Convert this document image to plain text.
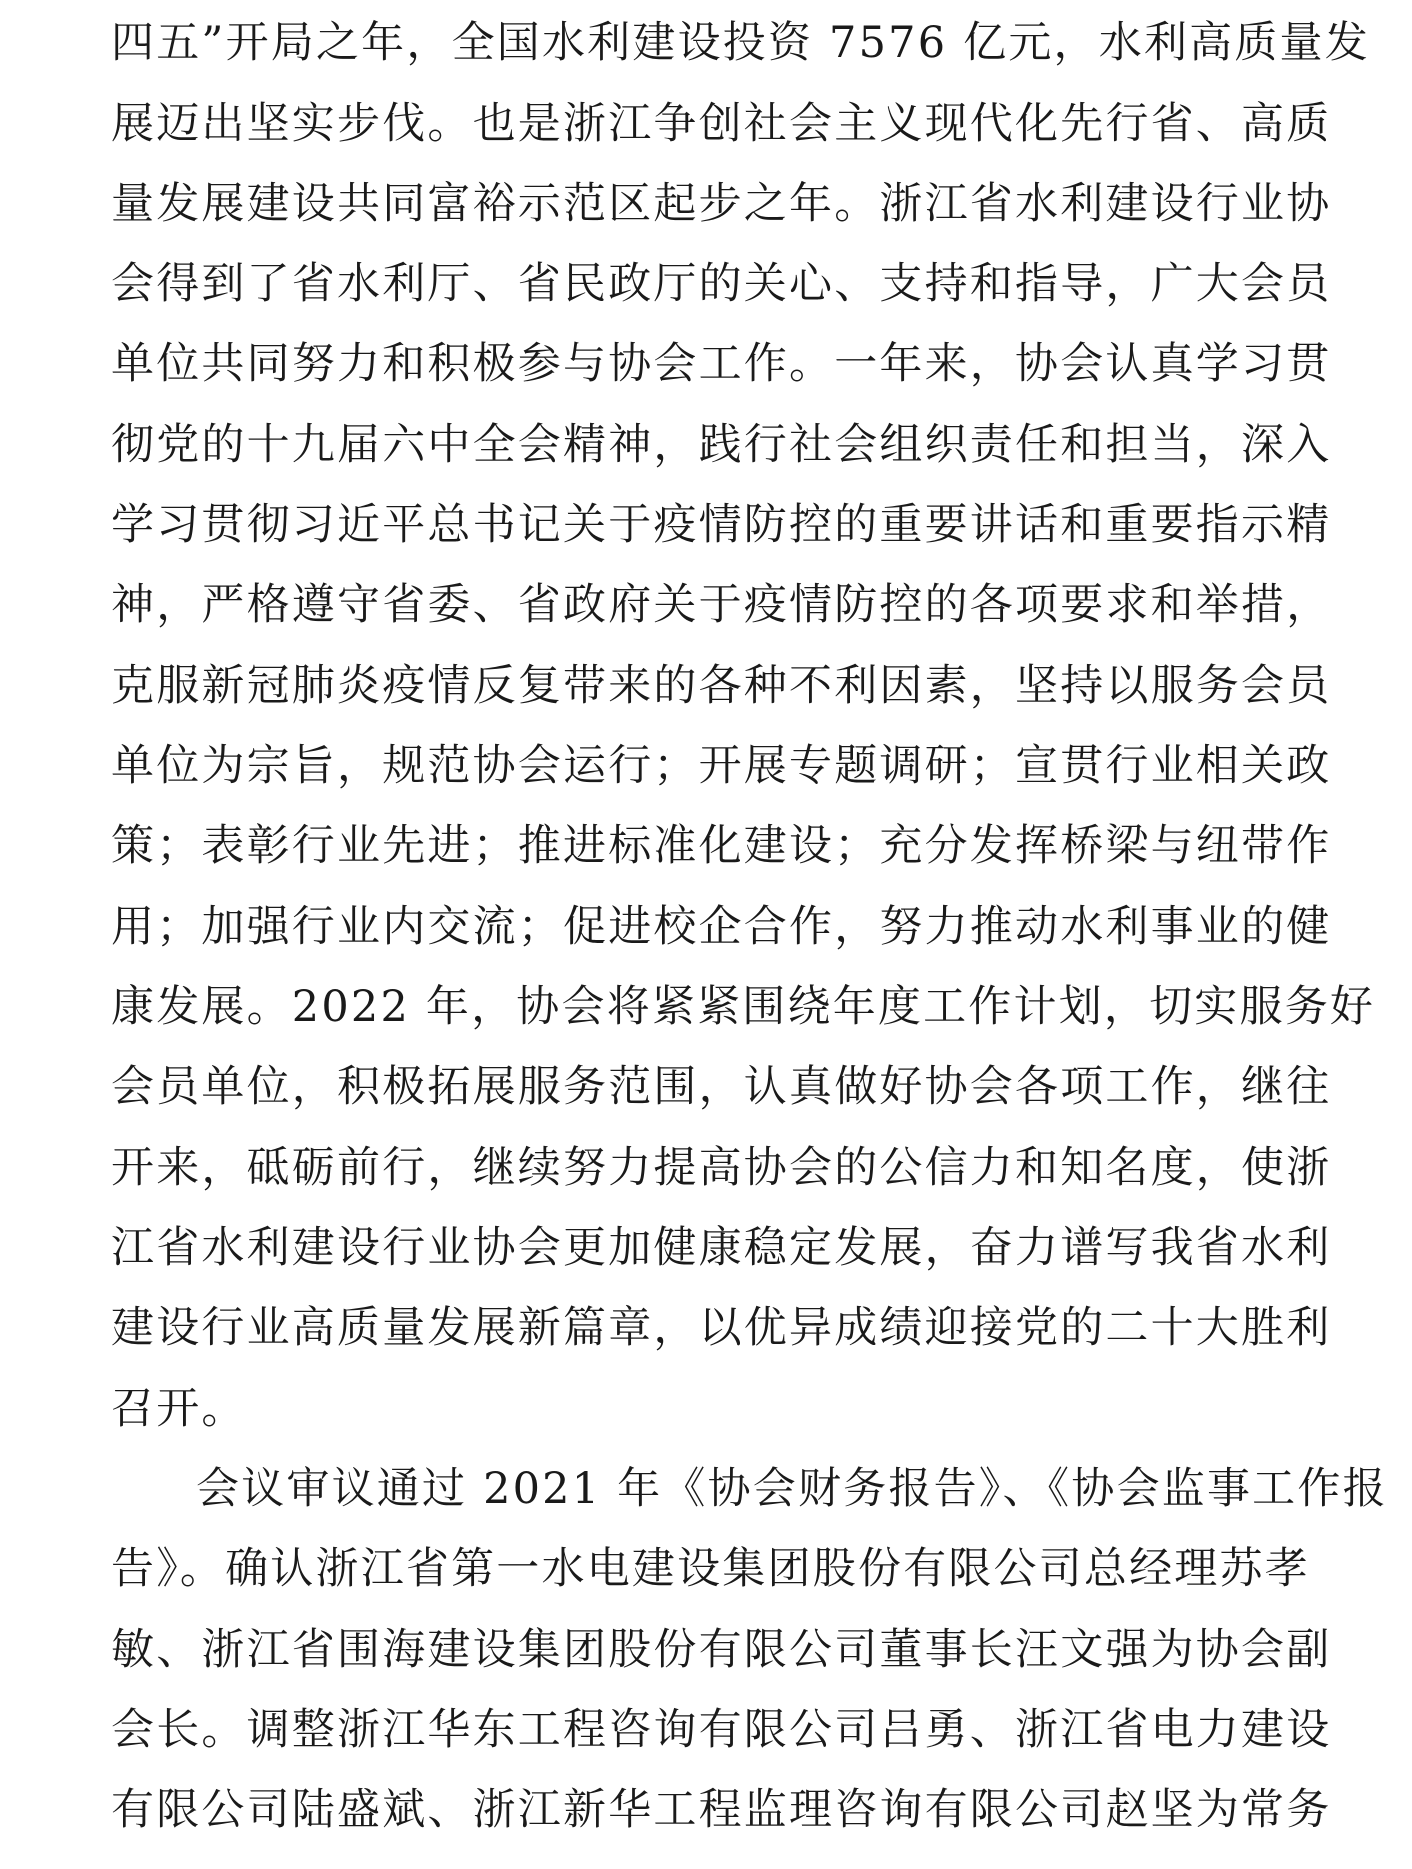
四五”开局之年，全国水利建设投资 7576 亿元，水利高质量发
展迈出坚实步伐。也是浙江争创社会主义现代化先行省、高质
量发展建设共同富裕示范区起步之年。浙江省水利建设行业协
会得到了省水利厅、省民政厅的关心、支持和指导，广大会员
单位共同努力和积极参与协会工作。一年来，协会认真学习贯
彻党的十九届六中全会精神，践行社会组织责任和担当，深入
学习贯彻习近平总书记关于疫情防控的重要讲话和重要指示精
神，严格遵守省委、省政府关于疫情防控的各项要求和举措，
克服新冠肺炎疫情反复带来的各种不利因素，坚持以服务会员
单位为宗旨，规范协会运行；开展专题调研；宣贯行业相关政
策；表彰行业先进；推进标准化建设；充分发挥桥梁与纽带作
用；加强行业内交流；促进校企合作，努力推动水利事业的健
康发展。2022 年，协会将紧紧围绕年度工作计划，切实服务好
会员单位，积极拓展服务范围，认真做好协会各项工作，继往
开来，砥砺前行，继续努力提高协会的公信力和知名度，使浙
江省水利建设行业协会更加健康稳定发展，奋力谱写我省水利
建设行业高质量发展新篇章，以优异成绩迎接党的二十大胜利
召开。
会议审议通过 2021 年《协会财务报告》、《协会监事工作报
告》。确认浙江省第一水电建设集团股份有限公司总经理苏孝
敏、浙江省围海建设集团股份有限公司董事长汪文强为协会副
会长。调整浙江华东工程咨询有限公司吕勇、浙江省电力建设
有限公司陆盛斌、浙江新华工程监理咨询有限公司赵坚为常务
